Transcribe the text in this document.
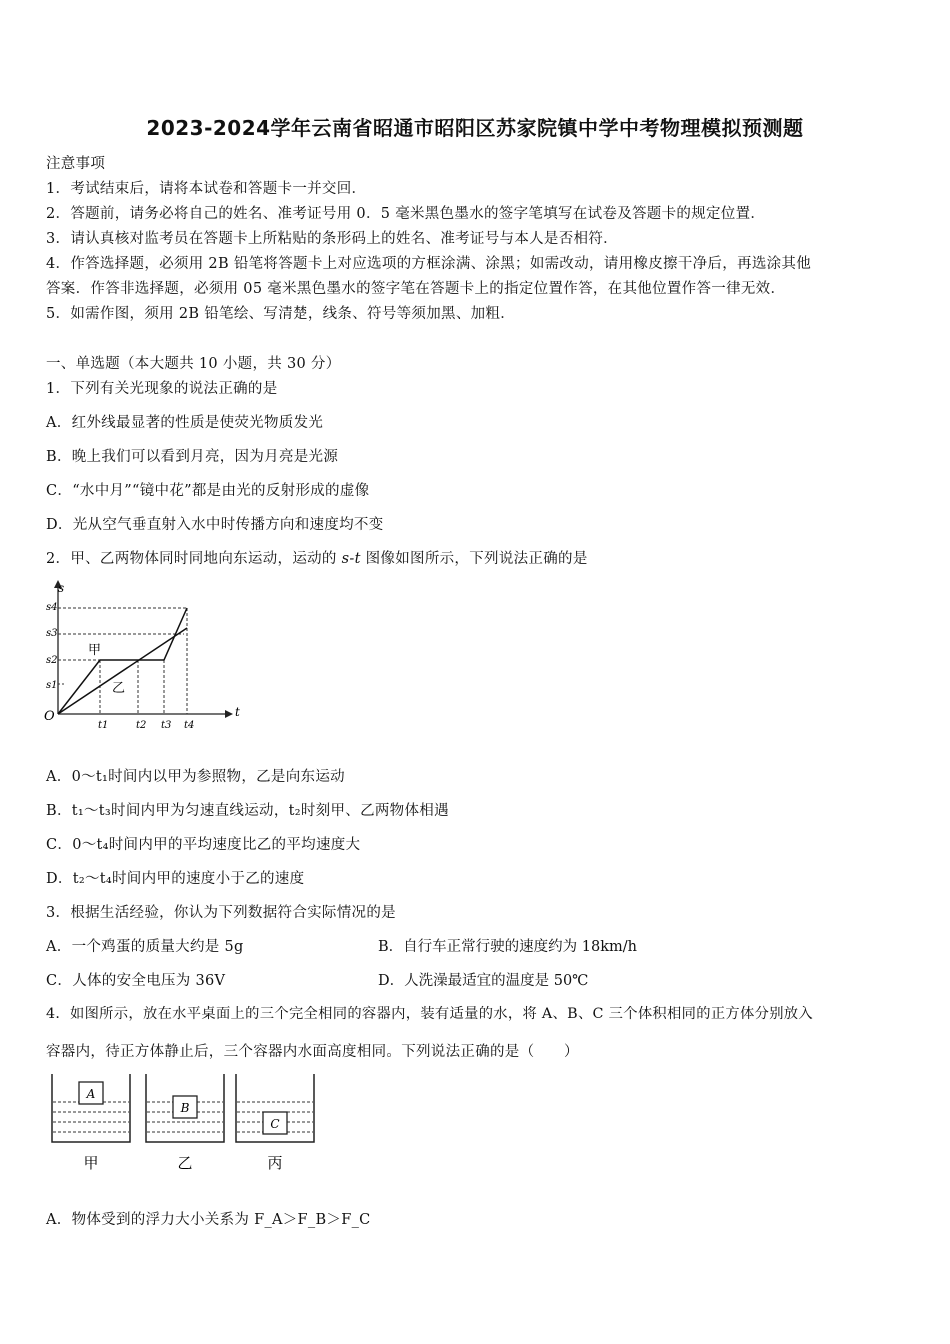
2023-2024学年云南省昭通市昭阳区苏家院镇中学中考物理模拟预测题
注意事项
1．考试结束后，请将本试卷和答题卡一并交回．
2．答题前，请务必将自己的姓名、准考证号用 0．5 毫米黑色墨水的签字笔填写在试卷及答题卡的规定位置．
3．请认真核对监考员在答题卡上所粘贴的条形码上的姓名、准考证号与本人是否相符．
4．作答选择题，必须用 2B 铅笔将答题卡上对应选项的方框涂满、涂黑；如需改动，请用橡皮擦干净后，再选涂其他
答案．作答非选择题，必须用 05 毫米黑色墨水的签字笔在答题卡上的指定位置作答，在其他位置作答一律无效．
5．如需作图，须用 2B 铅笔绘、写清楚，线条、符号等须加黑、加粗．
一、单选题（本大题共 10 小题，共 30 分）
1．下列有关光现象的说法正确的是
A．红外线最显著的性质是使荧光物质发光
B．晚上我们可以看到月亮，因为月亮是光源
C．“水中月”“镜中花”都是由光的反射形成的虚像
D．光从空气垂直射入水中时传播方向和速度均不变
2．甲、乙两物体同时同地向东运动，运动的 s-t 图像如图所示，下列说法正确的是
s
t
O
s1
s2
s3
s4
t1	t2 t3 t4
甲
乙
A．0～t₁时间内以甲为参照物，乙是向东运动
B．t₁～t₃时间内甲为匀速直线运动，t₂时刻甲、乙两物体相遇
C．0～t₄时间内甲的平均速度比乙的平均速度大
D．t₂～t₄时间内甲的速度小于乙的速度
3．根据生活经验，你认为下列数据符合实际情况的是
A．一个鸡蛋的质量大约是 5g	B．自行车正常行驶的速度约为 18km/h
C．人体的安全电压为 36V	D．人洗澡最适宜的温度是 50℃
4．如图所示，放在水平桌面上的三个完全相同的容器内，装有适量的水，将 A、B、C 三个体积相同的正方体分别放入
容器内，待正方体静止后，三个容器内水面高度相同。下列说法正确的是（　　）
A
甲
B
乙
C
丙
A．物体受到的浮力大小关系为 F_A＞F_B＞F_C
